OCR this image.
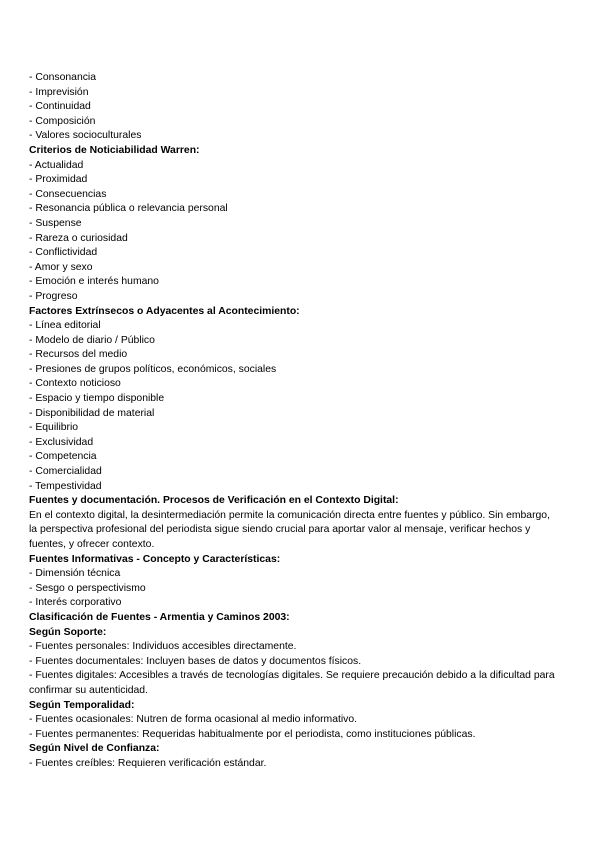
- Consonancia
- Imprevisión
- Continuidad
- Composición
- Valores socioculturales
Criterios de Noticiabilidad Warren:
- Actualidad
- Proximidad
- Consecuencias
- Resonancia pública o relevancia personal
- Suspense
- Rareza o curiosidad
- Conflictividad
- Amor y sexo
- Emoción e interés humano
- Progreso
Factores Extrínsecos o Adyacentes al Acontecimiento:
- Línea editorial
- Modelo de diario / Público
- Recursos del medio
- Presiones de grupos políticos, económicos, sociales
- Contexto noticioso
- Espacio y tiempo disponible
- Disponibilidad de material
- Equilibrio
- Exclusividad
- Competencia
- Comercialidad
- Tempestividad
Fuentes y documentación. Procesos de Verificación en el Contexto Digital:
En el contexto digital, la desintermediación permite la comunicación directa entre fuentes y público. Sin embargo, la perspectiva profesional del periodista sigue siendo crucial para aportar valor al mensaje, verificar hechos y fuentes, y ofrecer contexto.
Fuentes Informativas - Concepto y Características:
- Dimensión técnica
- Sesgo o perspectivismo
- Interés corporativo
Clasificación de Fuentes - Armentia y Caminos 2003:
Según Soporte:
- Fuentes personales: Individuos accesibles directamente.
- Fuentes documentales: Incluyen bases de datos y documentos físicos.
- Fuentes digitales: Accesibles a través de tecnologías digitales. Se requiere precaución debido a la dificultad para confirmar su autenticidad.
Según Temporalidad:
- Fuentes ocasionales: Nutren de forma ocasional al medio informativo.
- Fuentes permanentes: Requeridas habitualmente por el periodista, como instituciones públicas.
Según Nivel de Confianza:
- Fuentes creíbles: Requieren verificación estándar.
